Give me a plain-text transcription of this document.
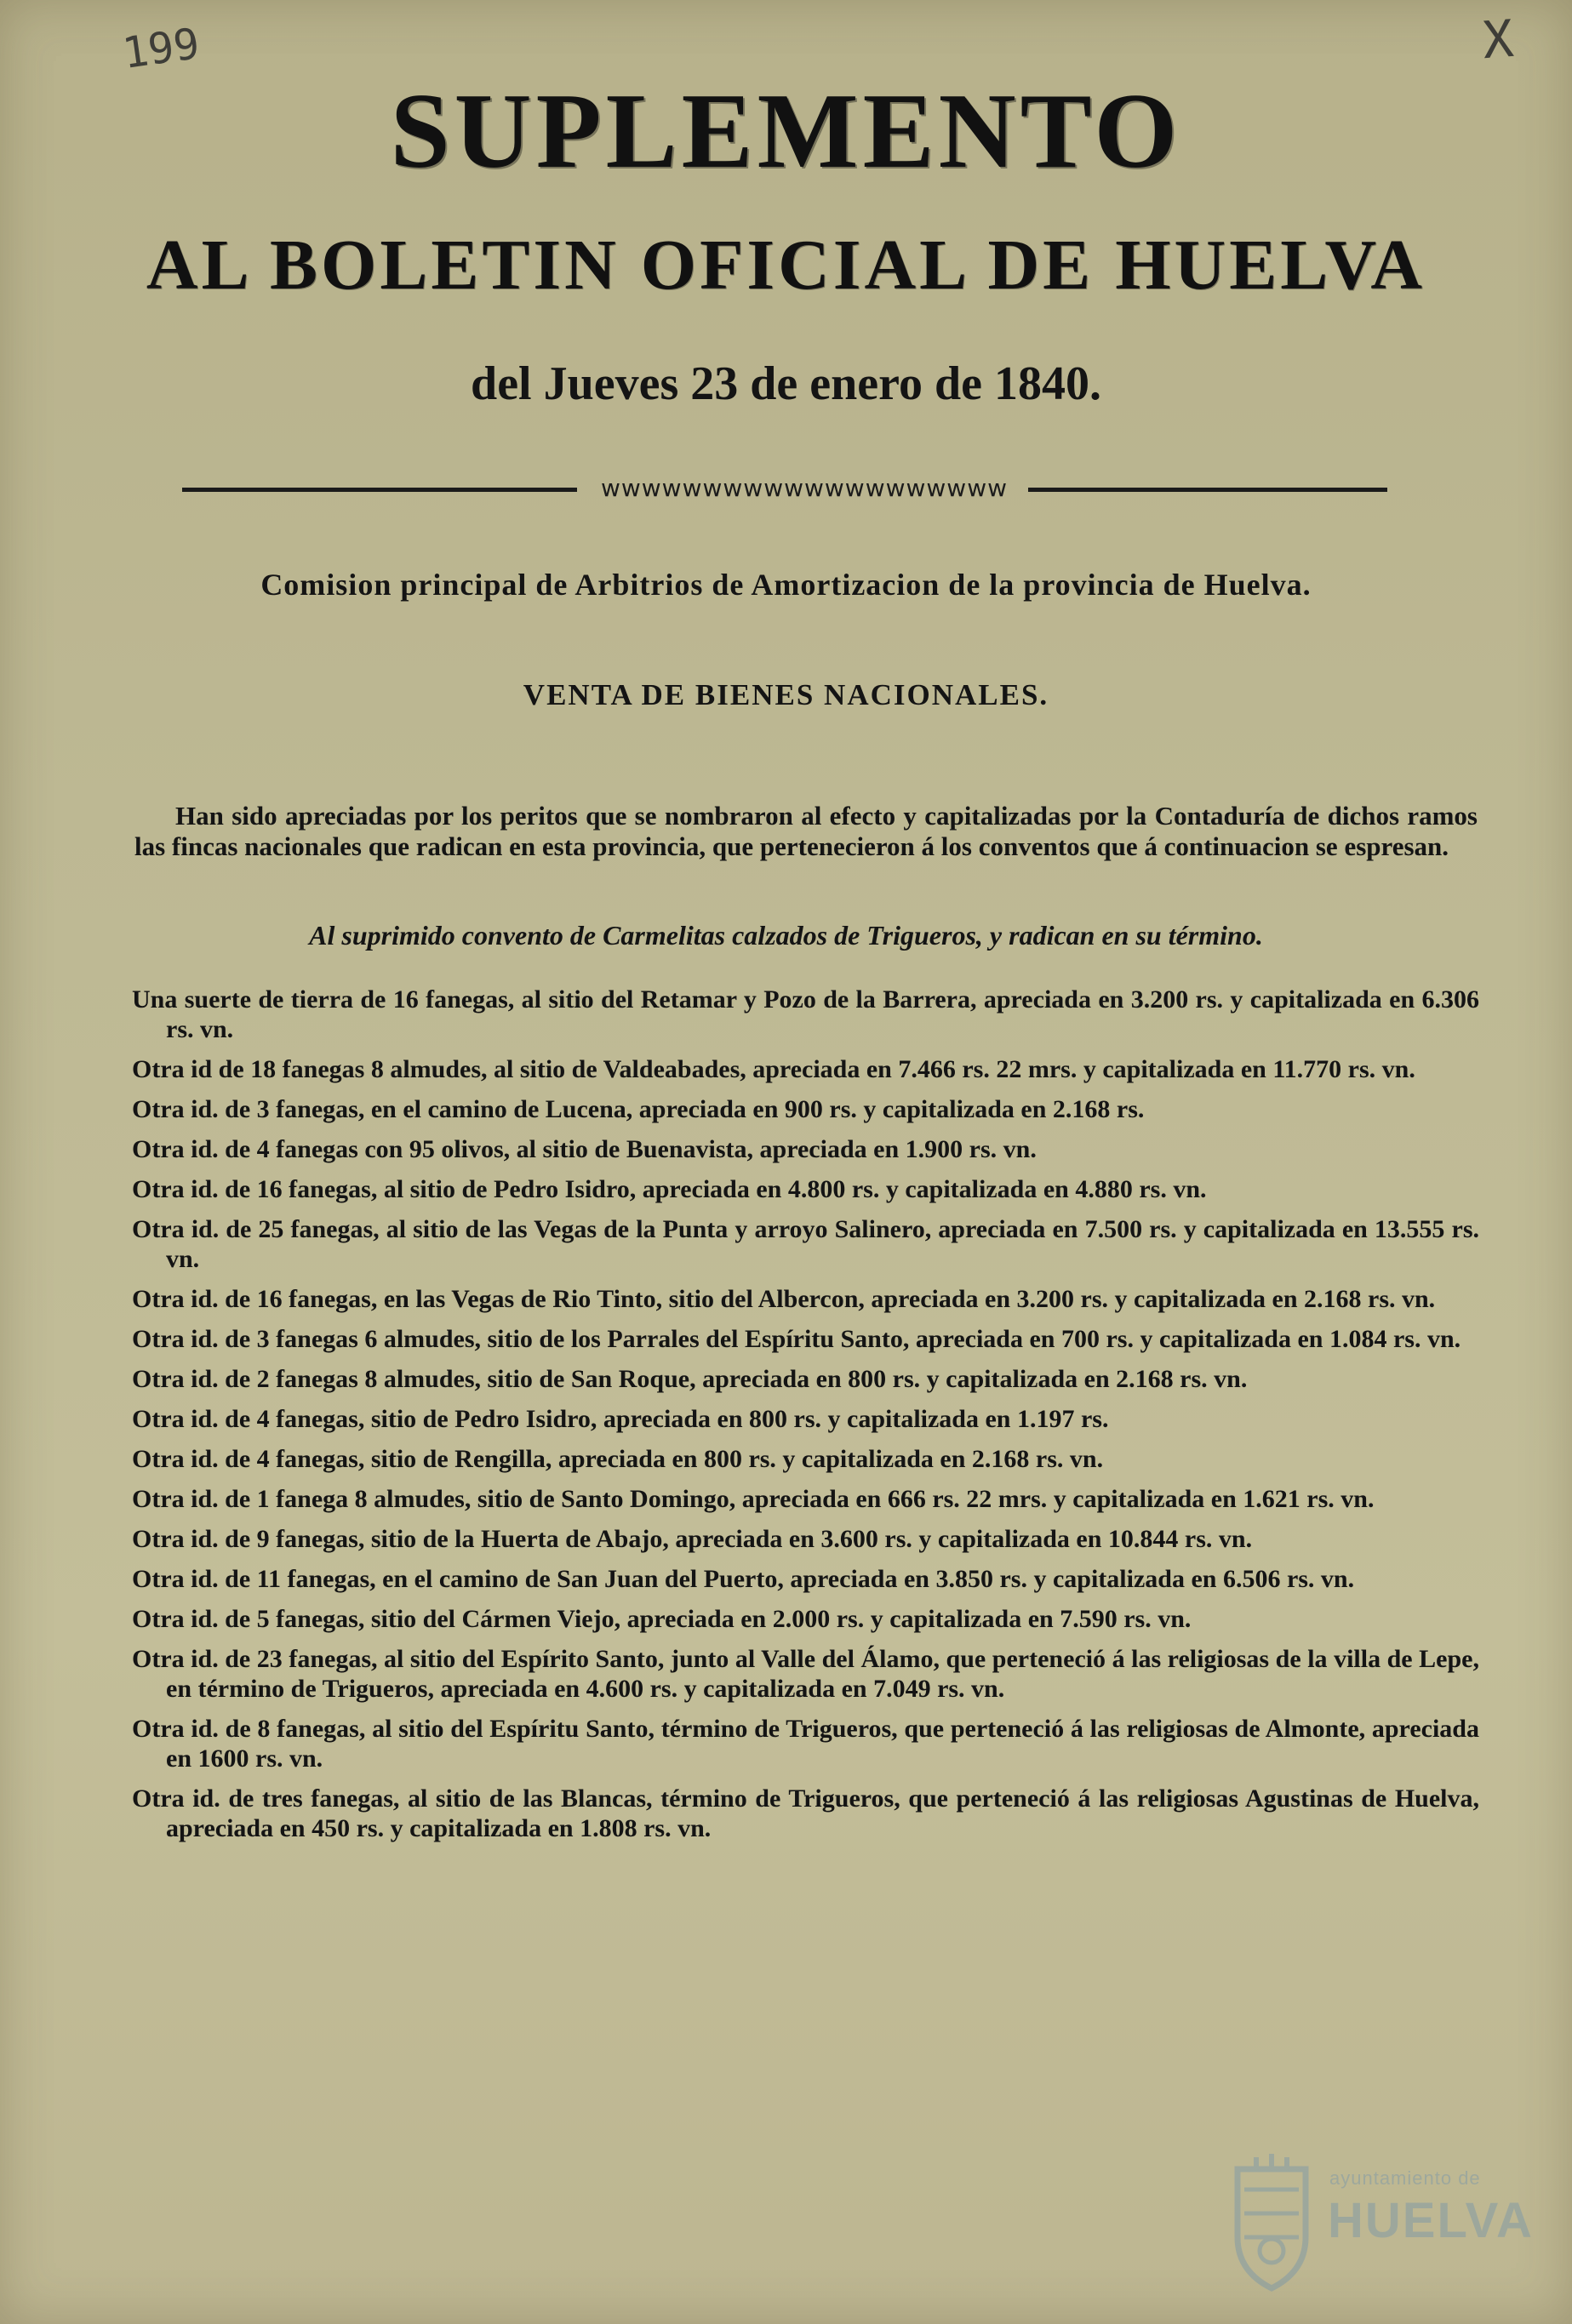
199	X
SUPLEMENTO
AL BOLETIN OFICIAL DE HUELVA
del Jueves 23 de enero de 1840.
wwwwwwwwwwwwwwwwwwww
Comision principal de Arbitrios de Amortizacion de la provincia de Huelva.
VENTA DE BIENES NACIONALES.

Han sido apreciadas por los peritos que se nombraron al efecto y capitalizadas por la Contaduría de dichos ramos las fincas nacionales que radican en esta provincia, que pertenecieron á los conventos que á continuacion se espresan.

Al suprimido convento de Carmelitas calzados de Trigueros, y radican en su término.

Una suerte de tierra de 16 fanegas, al sitio del Retamar y Pozo de la Barrera, apreciada en 3.200 rs. y capitalizada en 6.306 rs. vn.

Otra id de 18 fanegas 8 almudes, al sitio de Valdeabades, apreciada en 7.466 rs. 22 mrs. y capitalizada en 11.770 rs. vn.

Otra id. de 3 fanegas, en el camino de Lucena, apreciada en 900 rs. y capitalizada en 2.168 rs.

Otra id. de 4 fanegas con 95 olivos, al sitio de Buenavista, apreciada en 1.900 rs. vn.

Otra id. de 16 fanegas, al sitio de Pedro Isidro, apreciada en 4.800 rs. y capitalizada en 4.880 rs. vn.

Otra id. de 25 fanegas, al sitio de las Vegas de la Punta y arroyo Salinero, apreciada en 7.500 rs. y capitalizada en 13.555 rs. vn.

Otra id. de 16 fanegas, en las Vegas de Rio Tinto, sitio del Albercon, apreciada en 3.200 rs. y capitalizada en 2.168 rs. vn.

Otra id. de 3 fanegas 6 almudes, sitio de los Parrales del Espíritu Santo, apreciada en 700 rs. y capitalizada en 1.084 rs. vn.

Otra id. de 2 fanegas 8 almudes, sitio de San Roque, apreciada en 800 rs. y capitalizada en 2.168 rs. vn.

Otra id. de 4 fanegas, sitio de Pedro Isidro, apreciada en 800 rs. y capitalizada en 1.197 rs.

Otra id. de 4 fanegas, sitio de Rengilla, apreciada en 800 rs. y capitalizada en 2.168 rs. vn.

Otra id. de 1 fanega 8 almudes, sitio de Santo Domingo, apreciada en 666 rs. 22 mrs. y capitalizada en 1.621 rs. vn.

Otra id. de 9 fanegas, sitio de la Huerta de Abajo, apreciada en 3.600 rs. y capitalizada en 10.844 rs. vn.

Otra id. de 11 fanegas, en el camino de San Juan del Puerto, apreciada en 3.850 rs. y capitalizada en 6.506 rs. vn.

Otra id. de 5 fanegas, sitio del Cármen Viejo, apreciada en 2.000 rs. y capitalizada en 7.590 rs. vn.

Otra id. de 23 fanegas, al sitio del Espírito Santo, junto al Valle del Álamo, que perteneció á las religiosas de la villa de Lepe, en término de Trigueros, apreciada en 4.600 rs. y capitalizada en 7.049 rs. vn.

Otra id. de 8 fanegas, al sitio del Espíritu Santo, término de Trigueros, que perteneció á las religiosas de Almonte, apreciada en 1600 rs. vn.

Otra id. de tres fanegas, al sitio de las Blancas, término de Trigueros, que perteneció á las religiosas Agustinas de Huelva, apreciada en 450 rs. y capitalizada en 1.808 rs. vn.

ayuntamiento de
HUELVA
